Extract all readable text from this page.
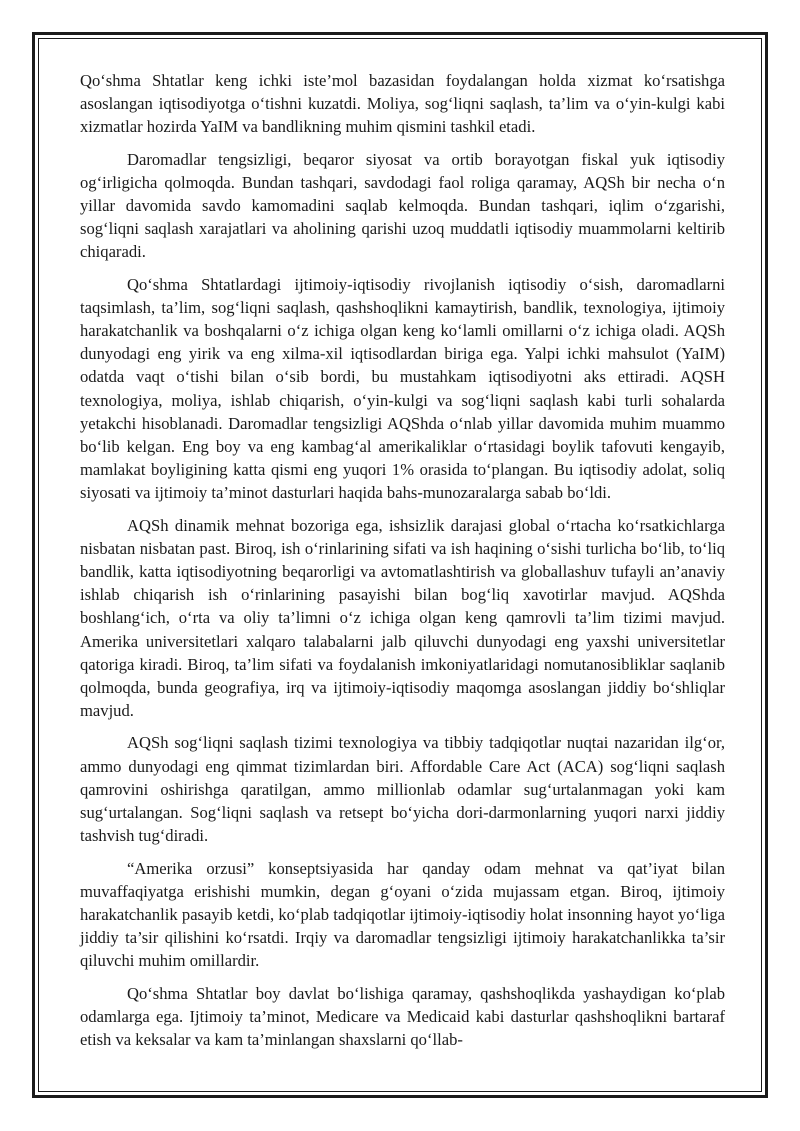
Qo‘shma Shtatlar keng ichki iste’mol bazasidan foydalangan holda xizmat ko‘rsatishga asoslangan iqtisodiyotga o‘tishni kuzatdi. Moliya, sog‘liqni saqlash, ta’lim va o‘yin-kulgi kabi xizmatlar hozirda YaIM va bandlikning muhim qismini tashkil etadi.

Daromadlar tengsizligi, beqaror siyosat va ortib borayotgan fiskal yuk iqtisodiy og‘irligicha qolmoqda. Bundan tashqari, savdodagi faol roliga qaramay, AQSh bir necha o‘n yillar davomida savdo kamomadini saqlab kelmoqda. Bundan tashqari, iqlim o‘zgarishi, sog‘liqni saqlash xarajatlari va aholining qarishi uzoq muddatli iqtisodiy muammolarni keltirib chiqaradi.

Qo‘shma Shtatlardagi ijtimoiy-iqtisodiy rivojlanish iqtisodiy o‘sish, daromadlarni taqsimlash, ta’lim, sog‘liqni saqlash, qashshoqlikni kamaytirish, bandlik, texnologiya, ijtimoiy harakatchanlik va boshqalarni o‘z ichiga olgan keng ko‘lamli omillarni o‘z ichiga oladi. AQSh dunyodagi eng yirik va eng xilma-xil iqtisodlardan biriga ega. Yalpi ichki mahsulot (YaIM) odatda vaqt o‘tishi bilan o‘sib bordi, bu mustahkam iqtisodiyotni aks ettiradi. AQSH texnologiya, moliya, ishlab chiqarish, o‘yin-kulgi va sog‘liqni saqlash kabi turli sohalarda yetakchi hisoblanadi. Daromadlar tengsizligi AQShda o‘nlab yillar davomida muhim muammo bo‘lib kelgan. Eng boy va eng kambag‘al amerikaliklar o‘rtasidagi boylik tafovuti kengayib, mamlakat boyligining katta qismi eng yuqori 1% orasida to‘plangan. Bu iqtisodiy adolat, soliq siyosati va ijtimoiy ta’minot dasturlari haqida bahs-munozaralarga sabab bo‘ldi.

AQSh dinamik mehnat bozoriga ega, ishsizlik darajasi global o‘rtacha ko‘rsatkichlarga nisbatan nisbatan past. Biroq, ish o‘rinlarining sifati va ish haqining o‘sishi turlicha bo‘lib, to‘liq bandlik, katta iqtisodiyotning beqarorligi va avtomatlashtirish va globallashuv tufayli an’anaviy ishlab chiqarish ish o‘rinlarining pasayishi bilan bog‘liq xavotirlar mavjud. AQShda boshlang‘ich, o‘rta va oliy ta’limni o‘z ichiga olgan keng qamrovli ta’lim tizimi mavjud. Amerika universitetlari xalqaro talabalarni jalb qiluvchi dunyodagi eng yaxshi universitetlar qatoriga kiradi. Biroq, ta’lim sifati va foydalanish imkoniyatlaridagi nomutanosibliklar saqlanib qolmoqda, bunda geografiya, irq va ijtimoiy-iqtisodiy maqomga asoslangan jiddiy bo‘shliqlar mavjud.

AQSh sog‘liqni saqlash tizimi texnologiya va tibbiy tadqiqotlar nuqtai nazaridan ilg‘or, ammo dunyodagi eng qimmat tizimlardan biri. Affordable Care Act (ACA) sog‘liqni saqlash qamrovini oshirishga qaratilgan, ammo millionlab odamlar sug‘urtalanmagan yoki kam sug‘urtalangan. Sog‘liqni saqlash va retsept bo‘yicha dori-darmonlarning yuqori narxi jiddiy tashvish tug‘diradi.

“Amerika orzusi” konseptsiyasida har qanday odam mehnat va qat’iyat bilan muvaffaqiyatga erishishi mumkin, degan g‘oyani o‘zida mujassam etgan. Biroq, ijtimoiy harakatchanlik pasayib ketdi, ko‘plab tadqiqotlar ijtimoiy-iqtisodiy holat insonning hayot yo‘liga jiddiy ta’sir qilishini ko‘rsatdi. Irqiy va daromadlar tengsizligi ijtimoiy harakatchanlikka ta’sir qiluvchi muhim omillardir.

Qo‘shma Shtatlar boy davlat bo‘lishiga qaramay, qashshoqlikda yashaydigan ko‘plab odamlarga ega. Ijtimoiy ta’minot, Medicare va Medicaid kabi dasturlar qashshoqlikni bartaraf etish va keksalar va kam ta’minlangan shaxslarni qo‘llab-
